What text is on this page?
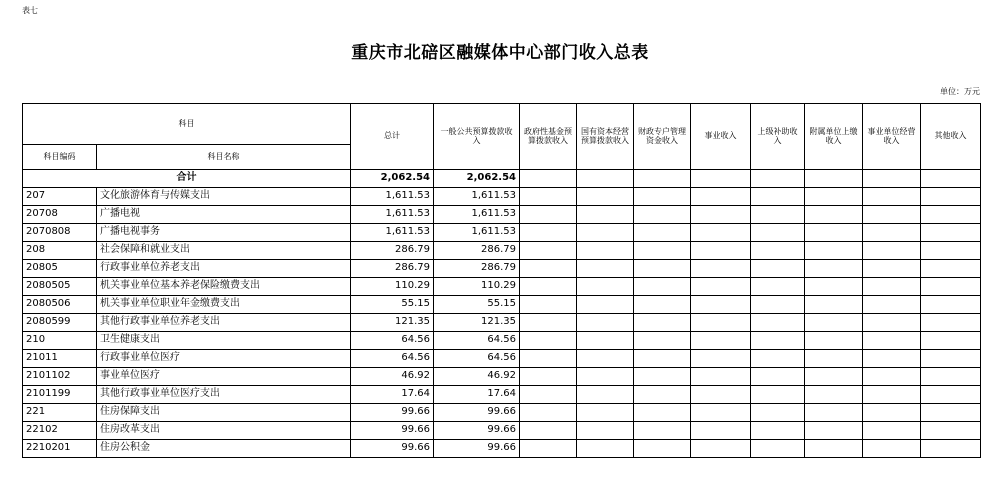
表七
重庆市北碚区融媒体中心部门收入总表
单位：万元
科目		总计	一般公共预算拨款收入	政府性基金预算拨款收入	国有资本经营预算拨款收入	财政专户管理资金收入	事业收入	上级补助收入	附属单位上缴收入	事业单位经营收入	其他收入
科目编码	科目名称										
合计		2,062.54	2,062.54								
207	文化旅游体育与传媒支出	1,611.53	1,611.53								
20708	广播电视	1,611.53	1,611.53								
2070808	广播电视事务	1,611.53	1,611.53								
208	社会保障和就业支出	286.79	286.79								
20805	行政事业单位养老支出	286.79	286.79								
2080505	机关事业单位基本养老保险缴费支出	110.29	110.29								
2080506	机关事业单位职业年金缴费支出	55.15	55.15								
2080599	其他行政事业单位养老支出	121.35	121.35								
210	卫生健康支出	64.56	64.56								
21011	行政事业单位医疗	64.56	64.56								
2101102	事业单位医疗	46.92	46.92								
2101199	其他行政事业单位医疗支出	17.64	17.64								
221	住房保障支出	99.66	99.66								
22102	住房改革支出	99.66	99.66								
2210201	住房公积金	99.66	99.66								
